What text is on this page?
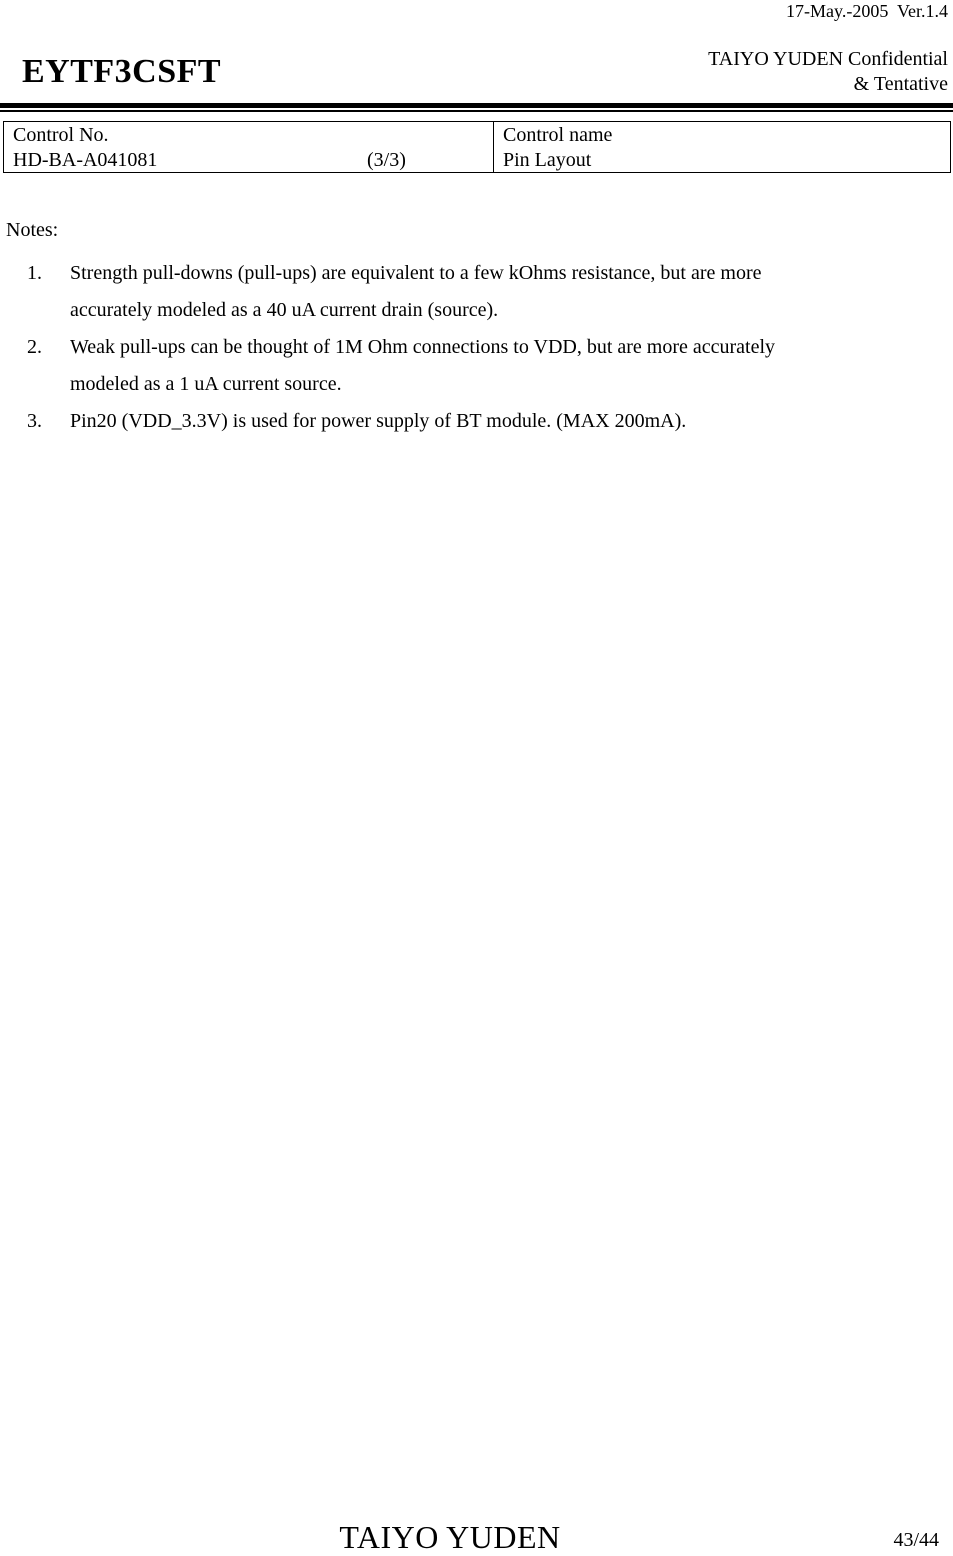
17-May.-2005  Ver.1.4
EYTF3CSFT	TAIYO YUDEN Confidential
& Tentative
Control No.
HD-BA-A041081	(3/3)
Control name
Pin Layout
Notes:
1. Strength pull-downs (pull-ups) are equivalent to a few kOhms resistance, but are more
accurately modeled as a 40 uA current drain (source).
2. Weak pull-ups can be thought of 1M Ohm connections to VDD, but are more accurately
modeled as a 1 uA current source.
3. Pin20 (VDD_3.3V) is used for power supply of BT module. (MAX 200mA).
TAIYO YUDEN	43/44
